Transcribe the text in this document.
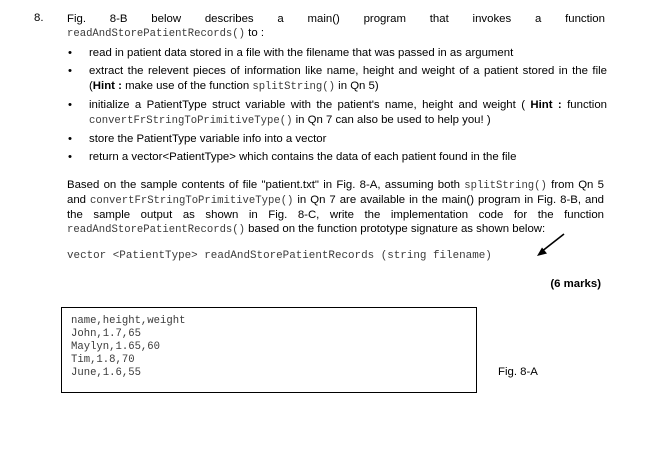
8. Fig. 8-B below describes a main() program that invokes a function
readAndStorePatientRecords() to :
• read in patient data stored in a file with the filename that was passed in as argument
• extract the relevent pieces of information like name, height and weight of a patient stored in the file (Hint : make use of the function splitString() in Qn 5)
• initialize a PatientType struct variable with the patient's name, height and weight ( Hint : function convertFrStringToPrimitiveType() in Qn 7 can also be used to help you! )
• store the PatientType variable info into a vector
• return a vector<PatientType> which contains the data of each patient found in the file
Based on the sample contents of file "patient.txt" in Fig. 8-A, assuming both splitString() from Qn 5 and convertFrStringToPrimitiveType() in Qn 7 are available in the main() program in Fig. 8-B, and the sample output as shown in Fig. 8-C, write the implementation code for the function readAndStorePatientRecords() based on the function prototype signature as shown below:
vector <PatientType> readAndStorePatientRecords (string filename)
(6 marks)
name,height,weight
John,1.7,65
Maylyn,1.65,60
Tim,1.8,70
June,1.6,55	Fig. 8-A
